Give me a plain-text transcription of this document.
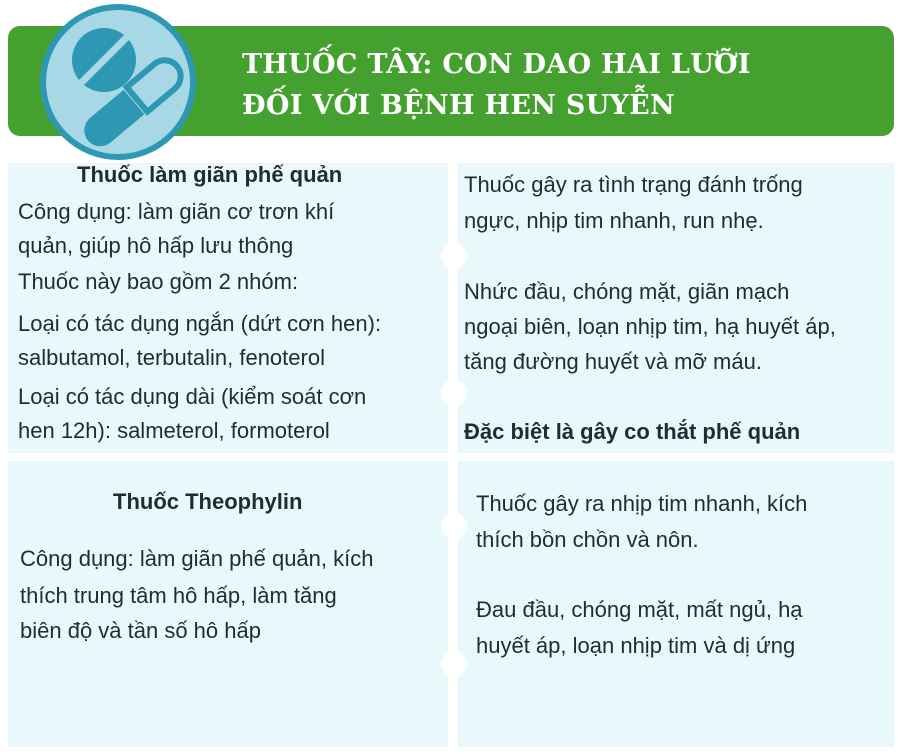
THUỐC TÂY: CON DAO HAI LƯỠI
ĐỐI VỚI BỆNH HEN SUYỄN
Thuốc làm giãn phế quản
Công dụng: làm giãn cơ trơn khí
quản, giúp hô hấp lưu thông
Thuốc này bao gồm 2 nhóm:
Loại có tác dụng ngắn (dứt cơn hen):
salbutamol, terbutalin, fenoterol
Loại có tác dụng dài (kiểm soát cơn
hen 12h): salmeterol, formoterol
Thuốc gây ra tình trạng đánh trống
ngực, nhịp tim nhanh, run nhẹ.
Nhức đầu, chóng mặt, giãn mạch
ngoại biên, loạn nhịp tim, hạ huyết áp,
tăng đường huyết và mỡ máu.
Đặc biệt là gây co thắt phế quản
Thuốc Theophylin
Công dụng: làm giãn phế quản, kích
thích trung tâm hô hấp, làm tăng
biên độ và tần số hô hấp
Thuốc gây ra nhịp tim nhanh, kích
thích bồn chồn và nôn.
Đau đầu, chóng mặt, mất ngủ, hạ
huyết áp, loạn nhịp tim và dị ứng
